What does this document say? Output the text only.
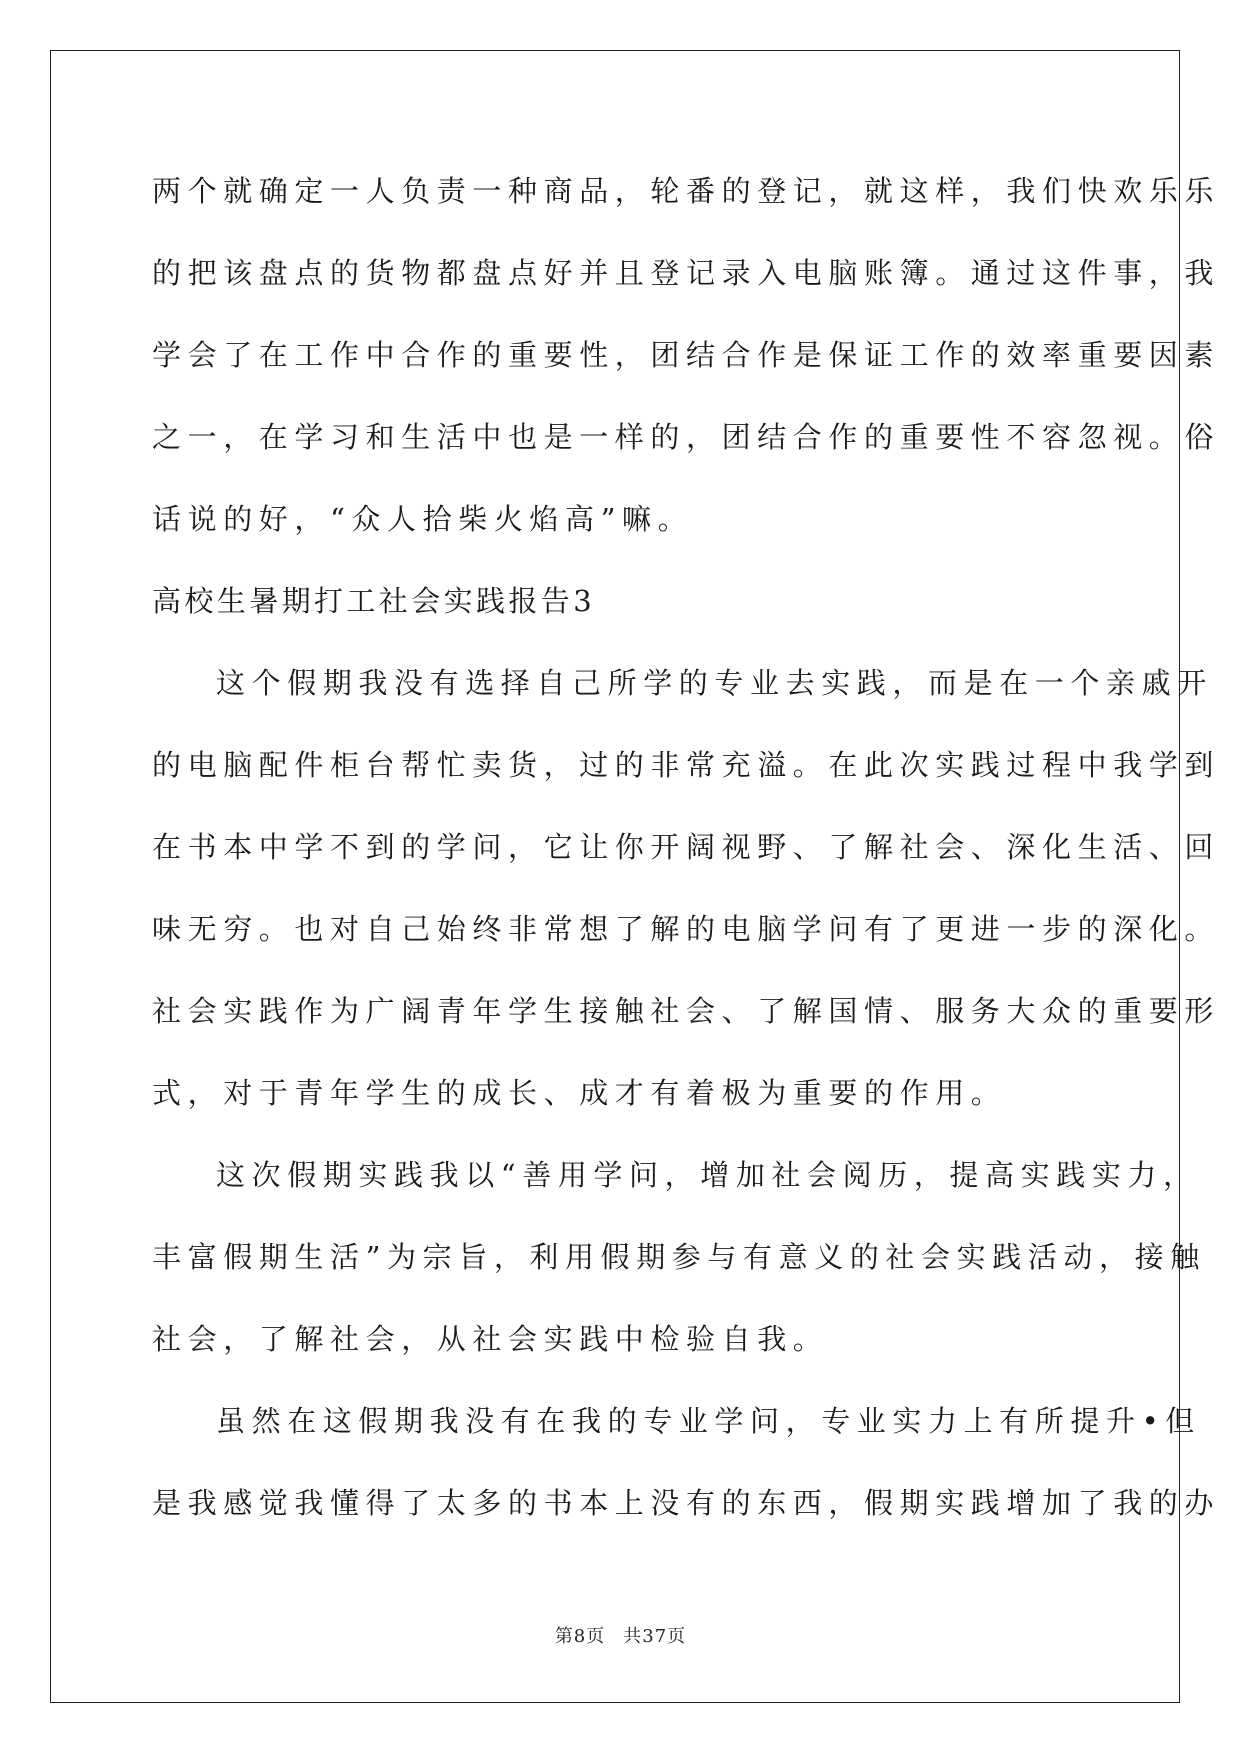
两个就确定一人负责一种商品，轮番的登记，就这样，我们快欢乐乐
的把该盘点的货物都盘点好并且登记录入电脑账簿。通过这件事，我
学会了在工作中合作的重要性，团结合作是保证工作的效率重要因素
之一，在学习和生活中也是一样的，团结合作的重要性不容忽视。俗
话说的好，“众人拾柴火焰高”嘛。
高校生暑期打工社会实践报告3
这个假期我没有选择自己所学的专业去实践，而是在一个亲戚开
的电脑配件柜台帮忙卖货，过的非常充溢。在此次实践过程中我学到
在书本中学不到的学问，它让你开阔视野、了解社会、深化生活、回
味无穷。也对自己始终非常想了解的电脑学问有了更进一步的深化。
社会实践作为广阔青年学生接触社会、了解国情、服务大众的重要形
式，对于青年学生的成长、成才有着极为重要的作用。
这次假期实践我以“善用学问，增加社会阅历，提高实践实力，
丰富假期生活”为宗旨，利用假期参与有意义的社会实践活动，接触
社会，了解社会，从社会实践中检验自我。
虽然在这假期我没有在我的专业学问，专业实力上有所提升•但
是我感觉我懂得了太多的书本上没有的东西，假期实践增加了我的办
第8页 共37页
